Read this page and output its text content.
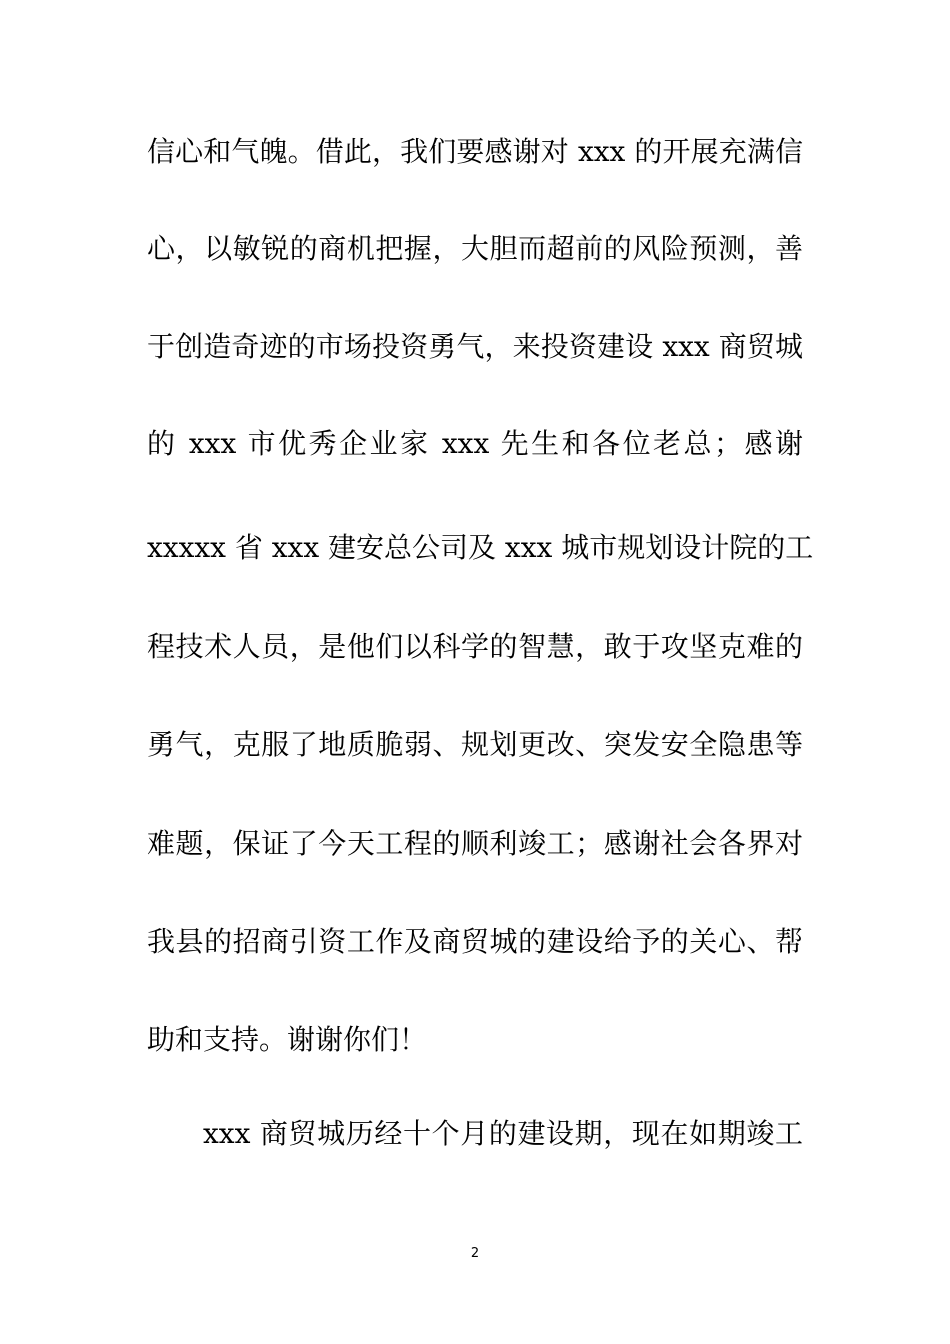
信心和气魄。借此，我们要感谢对 xxx 的开展充满信
心，以敏锐的商机把握，大胆而超前的风险预测，善
于创造奇迹的市场投资勇气，来投资建设 xxx 商贸城
的 xxx 市优秀企业家 xxx 先生和各位老总；感谢
xxxxx 省 xxx 建安总公司及 xxx 城市规划设计院的工
程技术人员，是他们以科学的智慧，敢于攻坚克难的
勇气，克服了地质脆弱、规划更改、突发安全隐患等
难题，保证了今天工程的顺利竣工；感谢社会各界对
我县的招商引资工作及商贸城的建设给予的关心、帮
助和支持。谢谢你们！
xxx 商贸城历经十个月的建设期，现在如期竣工
2
